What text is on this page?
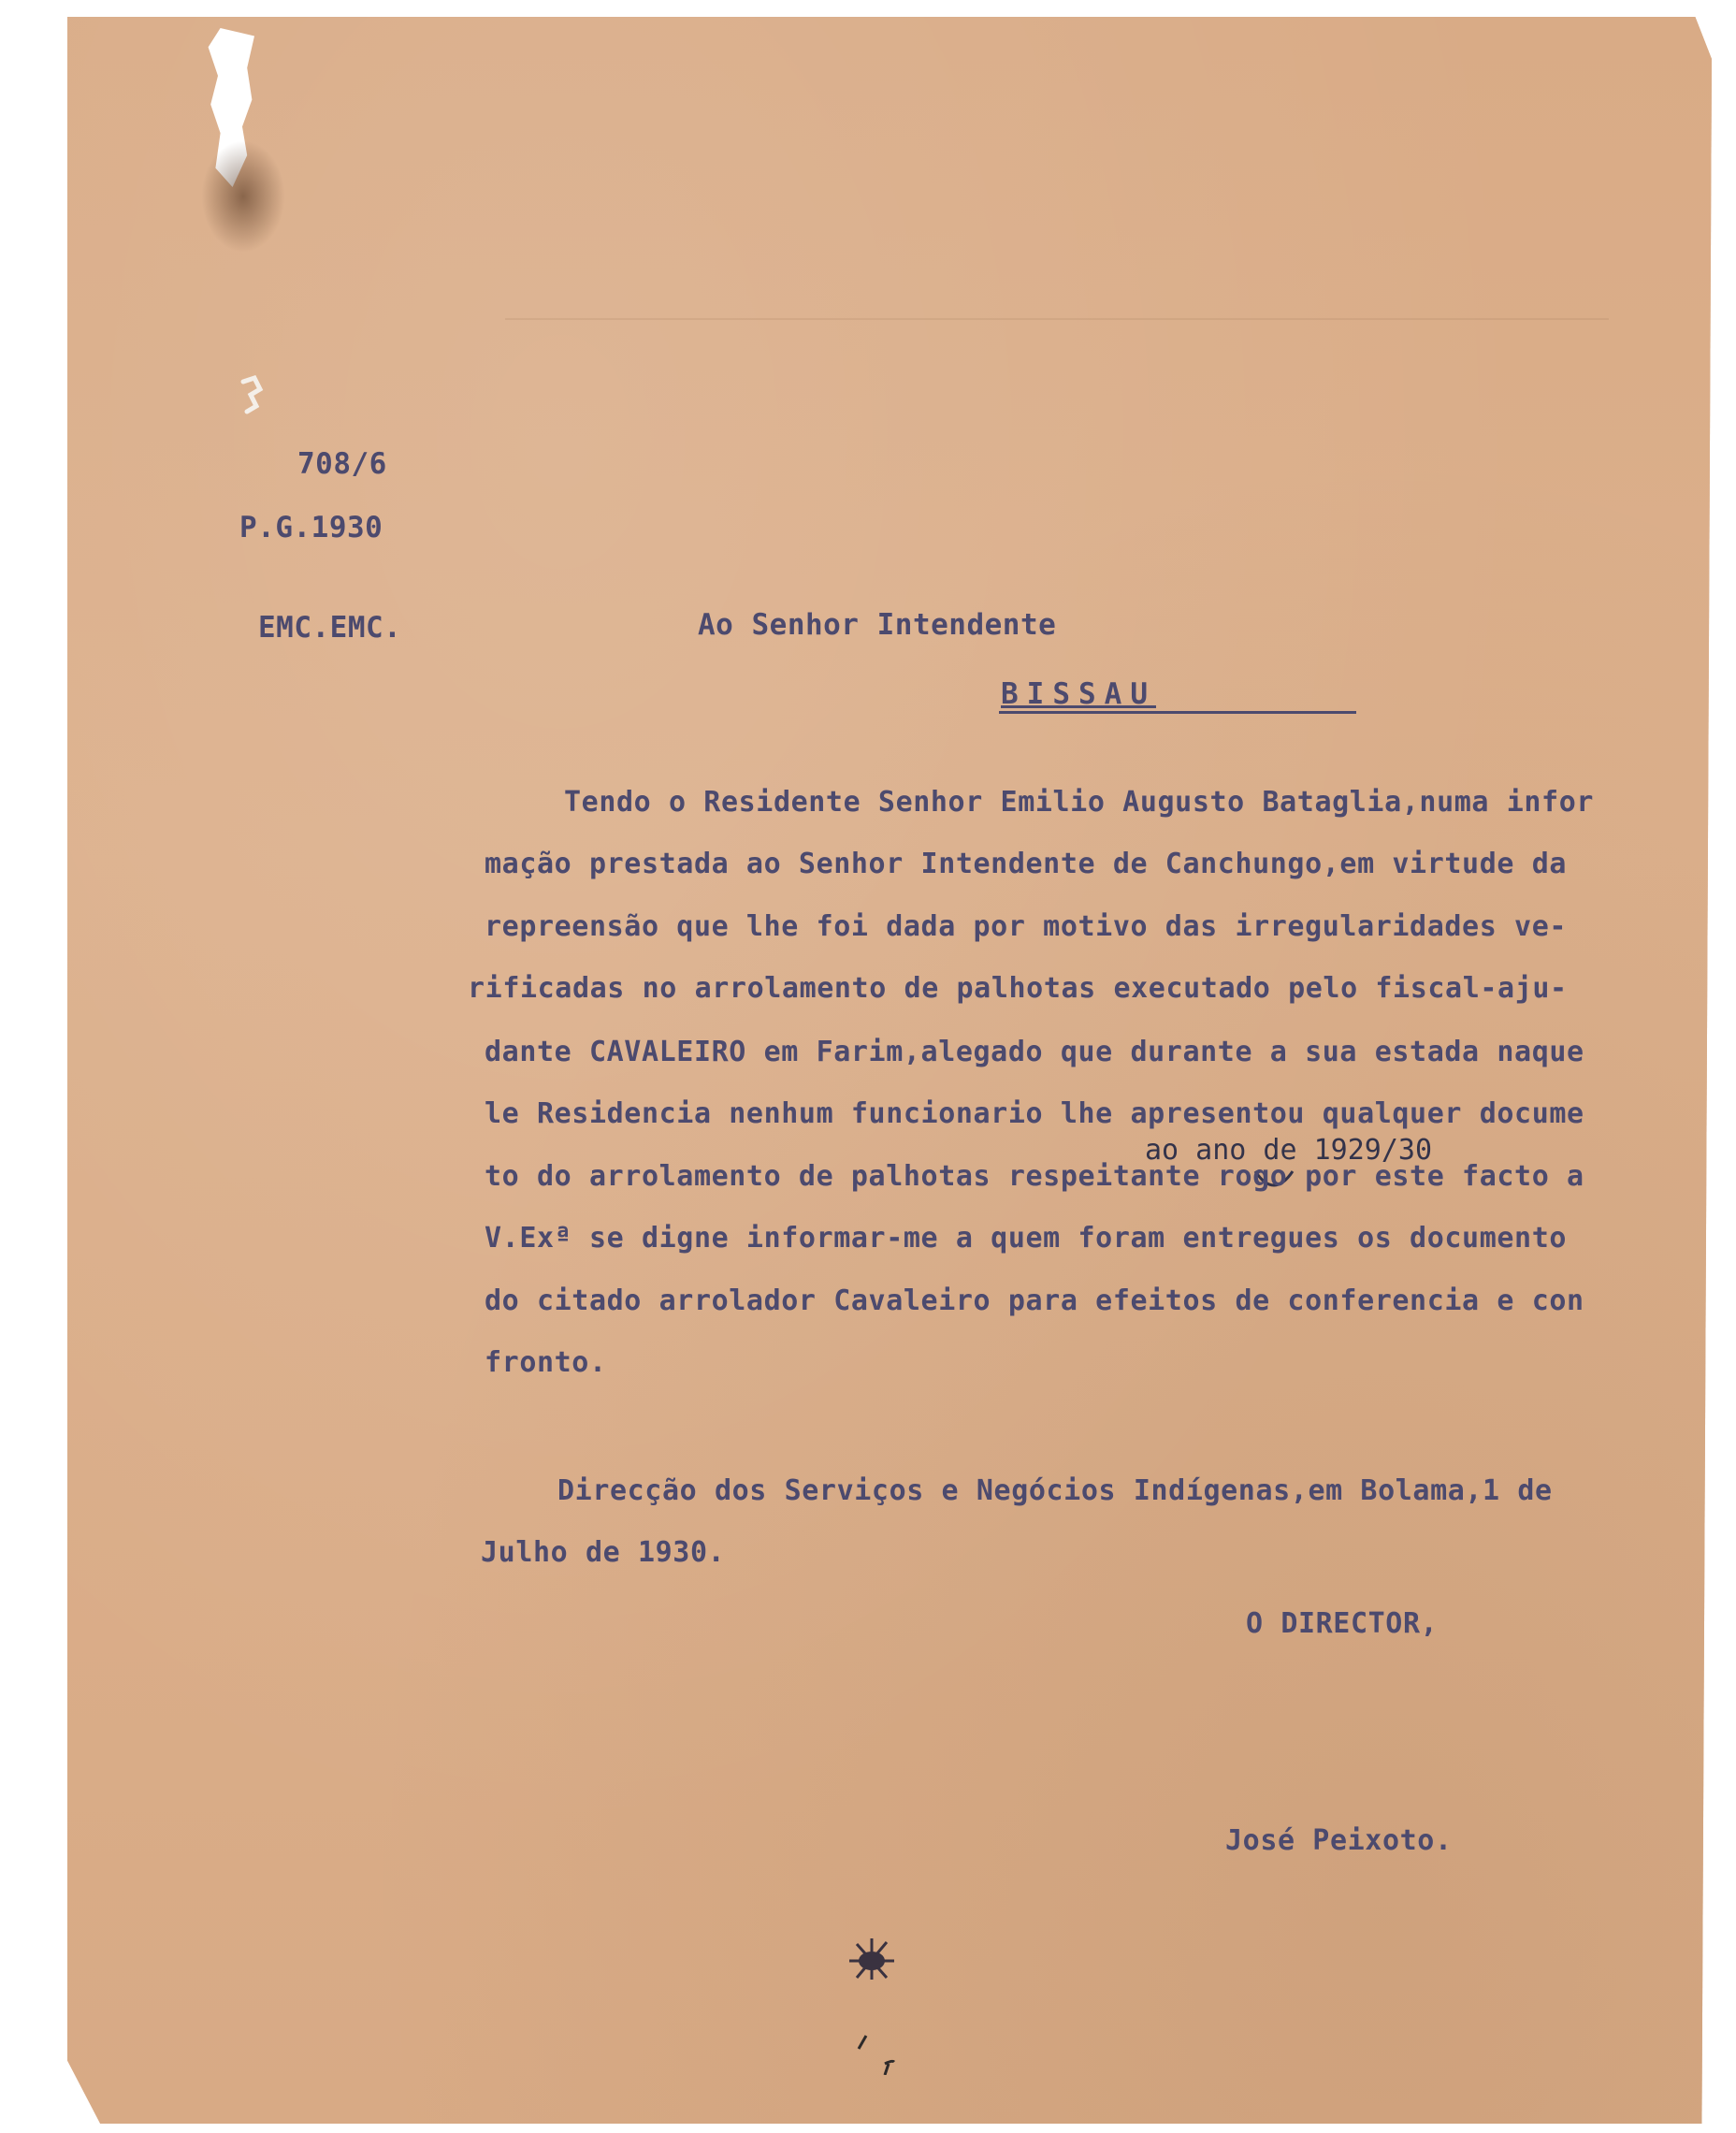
708/6
P.G.1930
EMC.EMC.	Ao Senhor Intendente
BISSAU
Tendo o Residente Senhor Emilio Augusto Bataglia,numa infor
mação prestada ao Senhor Intendente de Canchungo,em virtude da
repreensão que lhe foi dada por motivo das irregularidades ve-
rificadas no arrolamento de palhotas executado pelo fiscal-aju-
dante CAVALEIRO em Farim,alegado que durante a sua estada naque
le Residencia nenhum funcionario lhe apresentou qualquer docume
ao ano de 1929/30
to do arrolamento de palhotas respeitante rogo por este facto a
V.Exª se digne informar-me a quem foram entregues os documento
do citado arrolador Cavaleiro para efeitos de conferencia e con
fronto.
Direcção dos Serviços e Negócios Indígenas,em Bolama,1 de
Julho de 1930.
O DIRECTOR,
José Peixoto.
